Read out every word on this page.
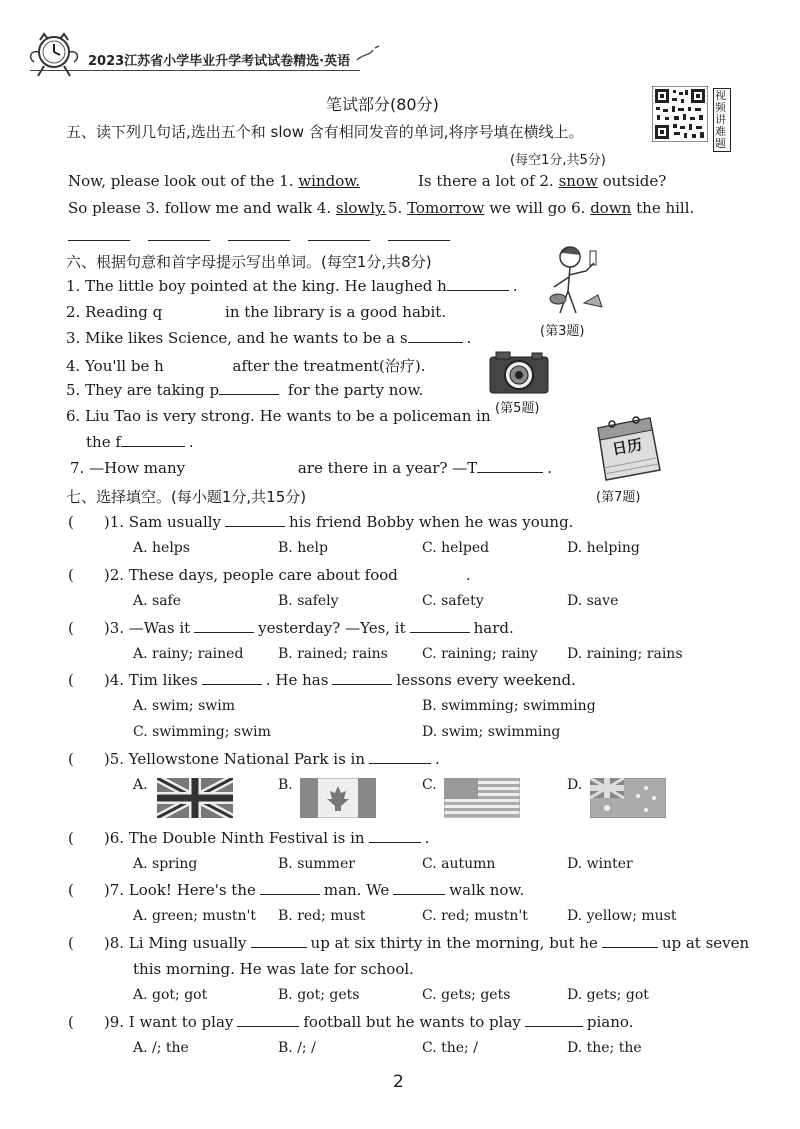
2023江苏省小学毕业升学考试试卷精选·英语
视频讲难题
笔试部分(80分)
五、读下列几句话,选出五个和 slow 含有相同发音的单词,将序号填在横线上。
(每空1分,共5分)
Now, please look out of the 1. window.	Is there a lot of 2. snow outside?
So please 3. follow me and walk 4. slowly. 5. Tomorrow we will go 6. down the hill.
六、根据句意和首字母提示写出单词。(每空1分,共8分)
1. The little boy pointed at the king. He laughed h	.
2. Reading q	in the library is a good habit.
3. Mike likes Science, and he wants to be a s	.
4. You'll be h	after the treatment(治疗).
5. They are taking p	for the party now.
6. Liu Tao is very strong. He wants to be a policeman in
the f	.
7. —How many	are there in a year? —T	.
(第3题)
(第5题)
日历
(第7题)
七、选择填空。(每小题1分,共15分)
( )1. Sam usually	his friend Bobby when he was young.
A. helps	B. help	C. helped	D. helping
( )2. These days, people care about food	.
A. safe	B. safely	C. safety	D. save
( )3. —Was it	yesterday? —Yes, it	hard.
A. rainy; rained B. rained; rains C. raining; rainy D. raining; rains
( )4. Tim likes	. He has	lessons every weekend.
A. swim; swim	B. swimming; swimming
C. swimming; swim	D. swim; swimming
( )5. Yellowstone National Park is in	.
A.	B.	C.	D.
( )6. The Double Ninth Festival is in	.
A. spring	B. summer	C. autumn	D. winter
( )7. Look! Here's the	man. We	walk now.
A. green; mustn't B. red; must	C. red; mustn't	D. yellow; must
( )8. Li Ming usually	up at six thirty in the morning, but he	up at seven
this morning. He was late for school.
A. got; got	B. got; gets	C. gets; gets	D. gets; got
( )9. I want to play	football but he wants to play	piano.
A. /; the	B. /; /	C. the; /	D. the; the
2
